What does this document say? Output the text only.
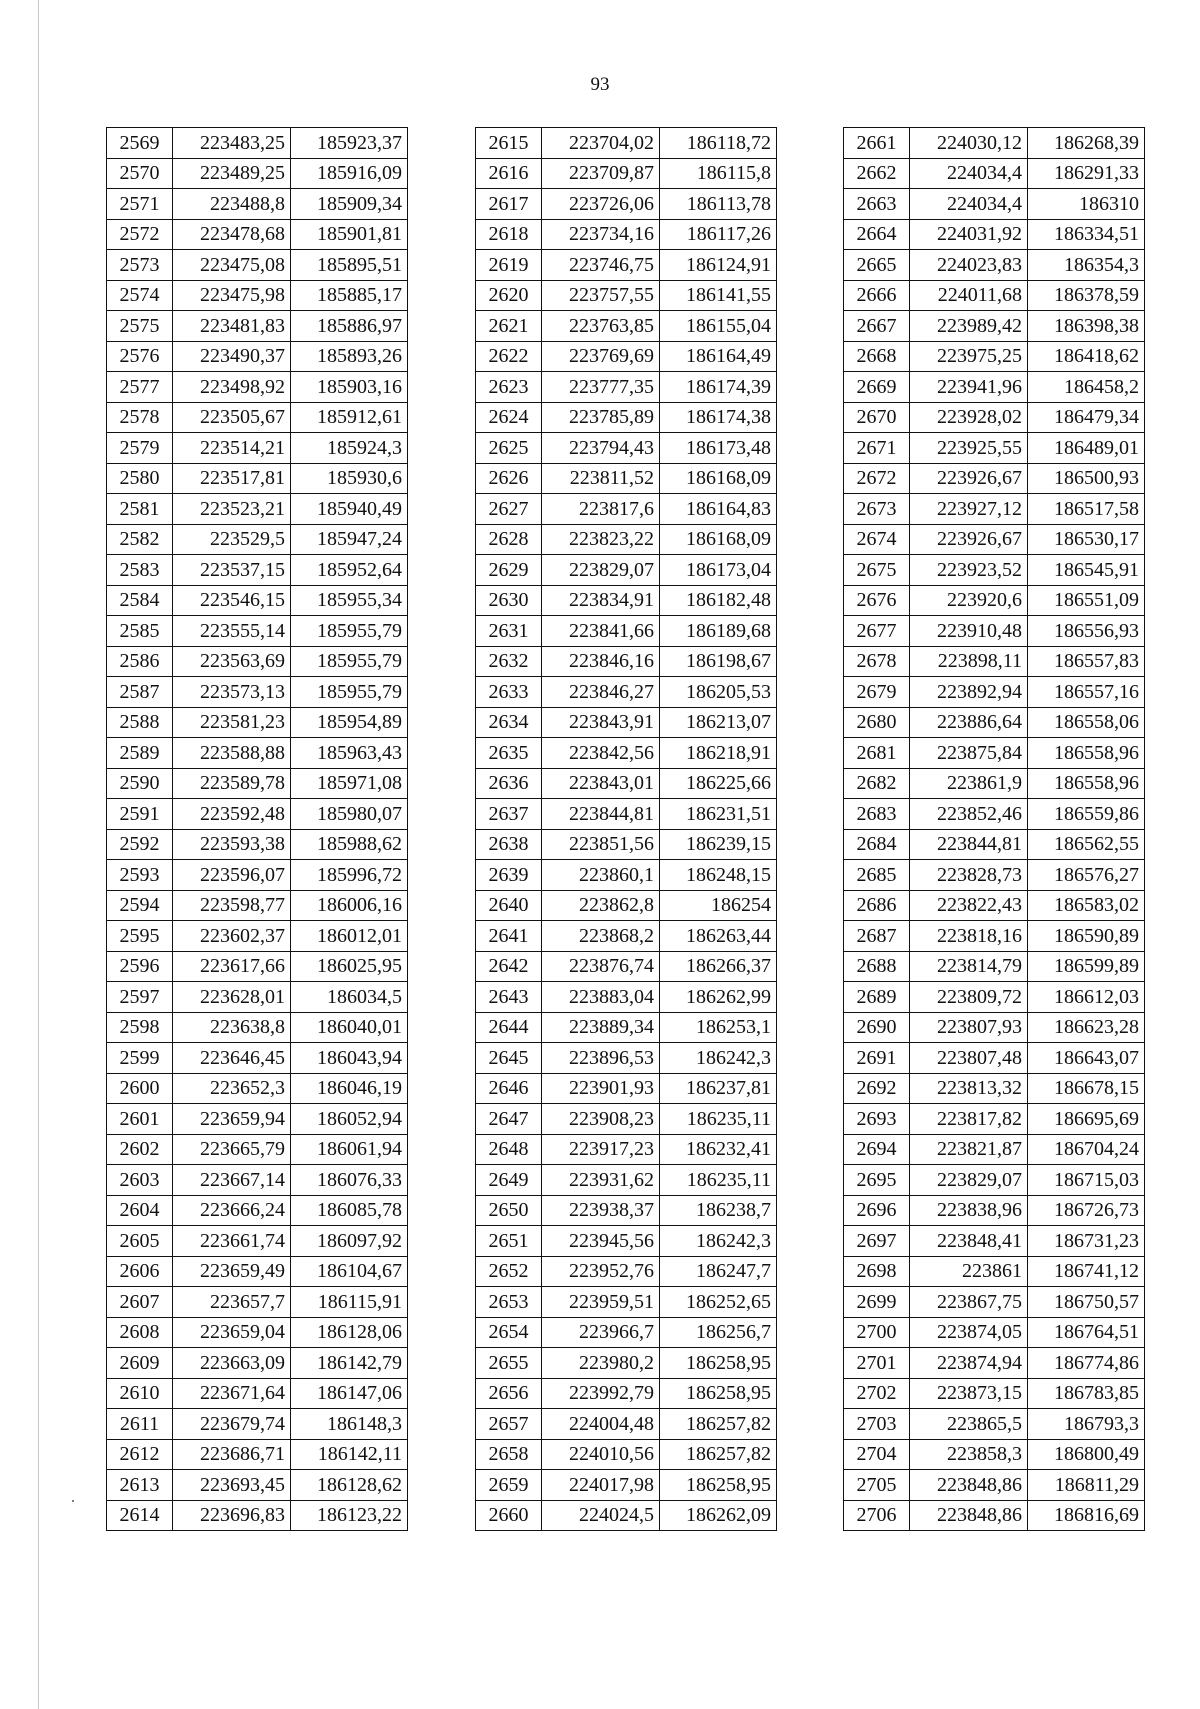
93
2569	223483,25	185923,37
2570	223489,25	185916,09
2571	223488,8	185909,34
2572	223478,68	185901,81
2573	223475,08	185895,51
2574	223475,98	185885,17
2575	223481,83	185886,97
2576	223490,37	185893,26
2577	223498,92	185903,16
2578	223505,67	185912,61
2579	223514,21	185924,3
2580	223517,81	185930,6
2581	223523,21	185940,49
2582	223529,5	185947,24
2583	223537,15	185952,64
2584	223546,15	185955,34
2585	223555,14	185955,79
2586	223563,69	185955,79
2587	223573,13	185955,79
2588	223581,23	185954,89
2589	223588,88	185963,43
2590	223589,78	185971,08
2591	223592,48	185980,07
2592	223593,38	185988,62
2593	223596,07	185996,72
2594	223598,77	186006,16
2595	223602,37	186012,01
2596	223617,66	186025,95
2597	223628,01	186034,5
2598	223638,8	186040,01
2599	223646,45	186043,94
2600	223652,3	186046,19
2601	223659,94	186052,94
2602	223665,79	186061,94
2603	223667,14	186076,33
2604	223666,24	186085,78
2605	223661,74	186097,92
2606	223659,49	186104,67
2607	223657,7	186115,91
2608	223659,04	186128,06
2609	223663,09	186142,79
2610	223671,64	186147,06
2611	223679,74	186148,3
2612	223686,71	186142,11
2613	223693,45	186128,62
2614	223696,83	186123,22
2615	223704,02	186118,72
2616	223709,87	186115,8
2617	223726,06	186113,78
2618	223734,16	186117,26
2619	223746,75	186124,91
2620	223757,55	186141,55
2621	223763,85	186155,04
2622	223769,69	186164,49
2623	223777,35	186174,39
2624	223785,89	186174,38
2625	223794,43	186173,48
2626	223811,52	186168,09
2627	223817,6	186164,83
2628	223823,22	186168,09
2629	223829,07	186173,04
2630	223834,91	186182,48
2631	223841,66	186189,68
2632	223846,16	186198,67
2633	223846,27	186205,53
2634	223843,91	186213,07
2635	223842,56	186218,91
2636	223843,01	186225,66
2637	223844,81	186231,51
2638	223851,56	186239,15
2639	223860,1	186248,15
2640	223862,8	186254
2641	223868,2	186263,44
2642	223876,74	186266,37
2643	223883,04	186262,99
2644	223889,34	186253,1
2645	223896,53	186242,3
2646	223901,93	186237,81
2647	223908,23	186235,11
2648	223917,23	186232,41
2649	223931,62	186235,11
2650	223938,37	186238,7
2651	223945,56	186242,3
2652	223952,76	186247,7
2653	223959,51	186252,65
2654	223966,7	186256,7
2655	223980,2	186258,95
2656	223992,79	186258,95
2657	224004,48	186257,82
2658	224010,56	186257,82
2659	224017,98	186258,95
2660	224024,5	186262,09
2661	224030,12	186268,39
2662	224034,4	186291,33
2663	224034,4	186310
2664	224031,92	186334,51
2665	224023,83	186354,3
2666	224011,68	186378,59
2667	223989,42	186398,38
2668	223975,25	186418,62
2669	223941,96	186458,2
2670	223928,02	186479,34
2671	223925,55	186489,01
2672	223926,67	186500,93
2673	223927,12	186517,58
2674	223926,67	186530,17
2675	223923,52	186545,91
2676	223920,6	186551,09
2677	223910,48	186556,93
2678	223898,11	186557,83
2679	223892,94	186557,16
2680	223886,64	186558,06
2681	223875,84	186558,96
2682	223861,9	186558,96
2683	223852,46	186559,86
2684	223844,81	186562,55
2685	223828,73	186576,27
2686	223822,43	186583,02
2687	223818,16	186590,89
2688	223814,79	186599,89
2689	223809,72	186612,03
2690	223807,93	186623,28
2691	223807,48	186643,07
2692	223813,32	186678,15
2693	223817,82	186695,69
2694	223821,87	186704,24
2695	223829,07	186715,03
2696	223838,96	186726,73
2697	223848,41	186731,23
2698	223861	186741,12
2699	223867,75	186750,57
2700	223874,05	186764,51
2701	223874,94	186774,86
2702	223873,15	186783,85
2703	223865,5	186793,3
2704	223858,3	186800,49
2705	223848,86	186811,29
2706	223848,86	186816,69
